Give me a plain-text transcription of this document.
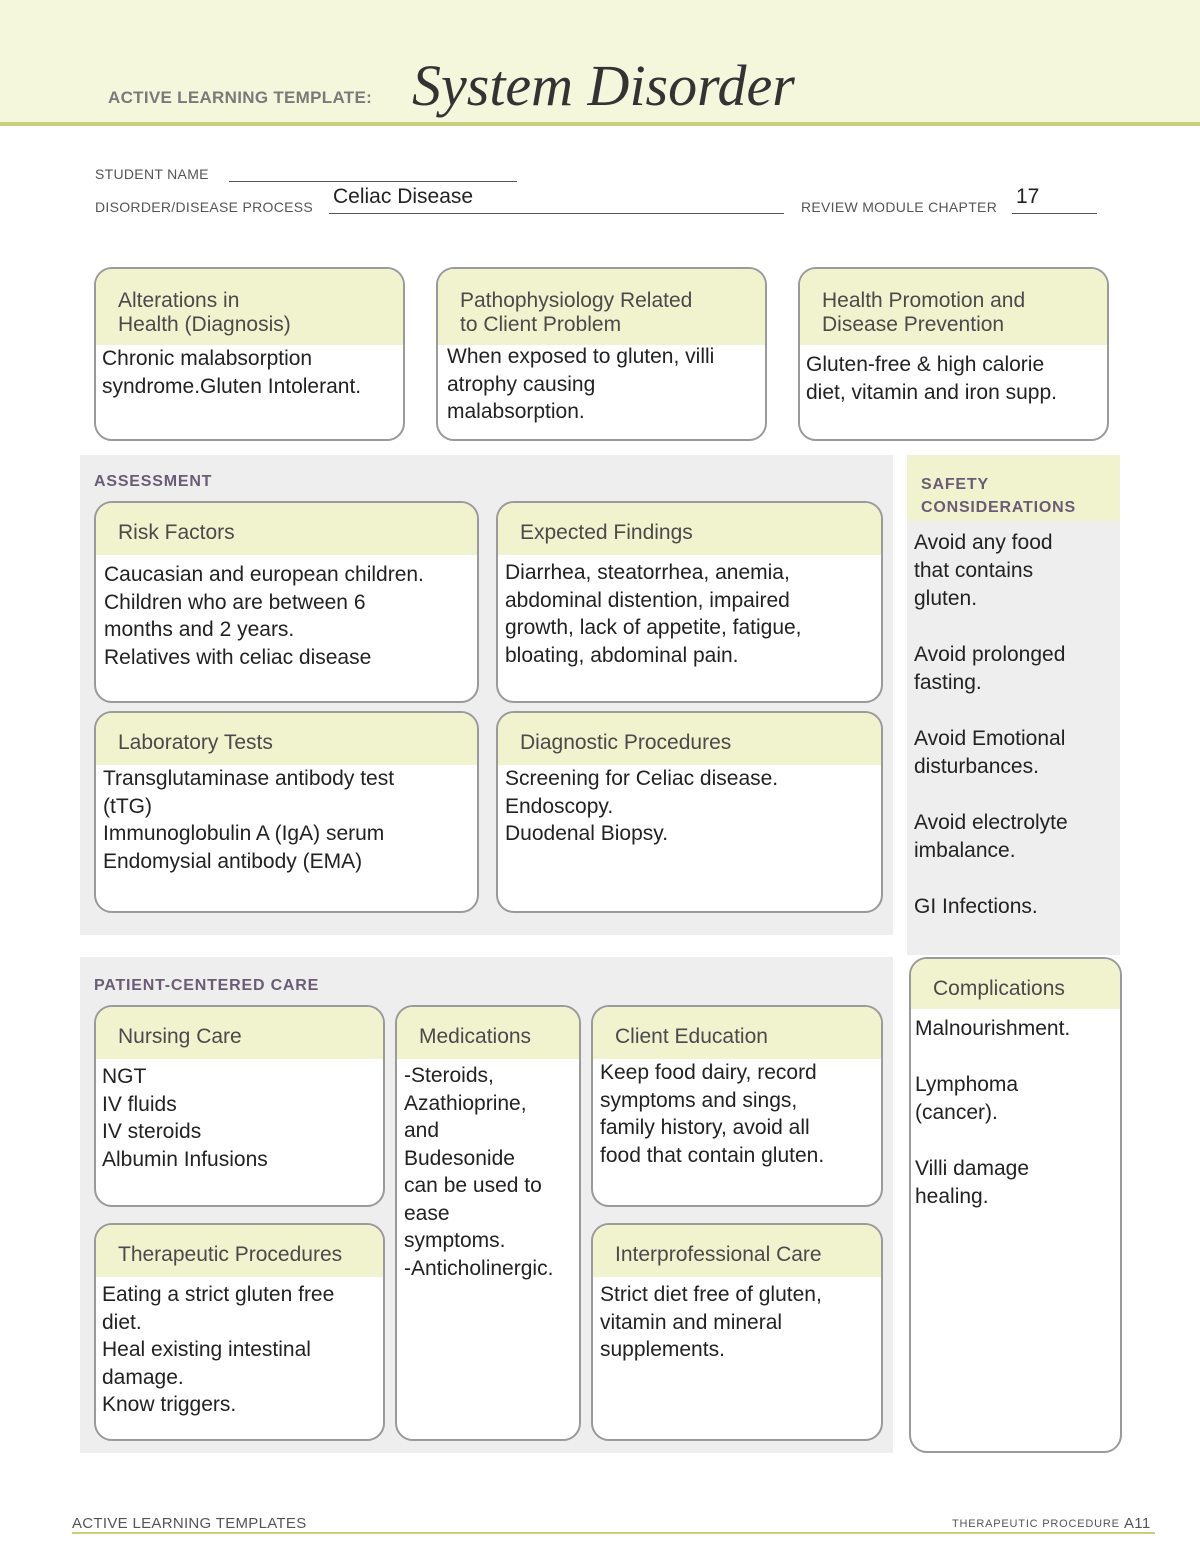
ACTIVE LEARNING TEMPLATE: System Disorder
STUDENT NAME
DISORDER/DISEASE PROCESS Celiac Disease	REVIEW MODULE CHAPTER 17
Alterations in
Health (Diagnosis)
Chronic malabsorption
syndrome.Gluten Intolerant.
Pathophysiology Related
to Client Problem
When exposed to gluten, villi
atrophy causing
malabsorption.
Health Promotion and
Disease Prevention
Gluten-free & high calorie
diet, vitamin and iron supp.
ASSESSMENT
Risk Factors
Caucasian and european children.
Children who are between 6
months and 2 years.
Relatives with celiac disease
Expected Findings
Diarrhea, steatorrhea, anemia,
abdominal distention, impaired
growth, lack of appetite, fatigue,
bloating, abdominal pain.
Laboratory Tests
Transglutaminase antibody test
(tTG)
Immunoglobulin A (IgA) serum
Endomysial antibody (EMA)
Diagnostic Procedures
Screening for Celiac disease.
Endoscopy.
Duodenal Biopsy.
SAFETY
CONSIDERATIONS
Avoid any food
that contains
gluten.

Avoid prolonged
fasting.

Avoid Emotional
disturbances.

Avoid electrolyte
imbalance.

GI Infections.
PATIENT-CENTERED CARE
Nursing Care
NGT
IV fluids
IV steroids
Albumin Infusions
Medications
-Steroids,
Azathioprine,
and
Budesonide
can be used to
ease
symptoms.
-Anticholinergic.
Client Education
Keep food dairy, record
symptoms and sings,
family history, avoid all
food that contain gluten.
Therapeutic Procedures
Eating a strict gluten free
diet.
Heal existing intestinal
damage.
Know triggers.
Interprofessional Care
Strict diet free of gluten,
vitamin and mineral
supplements.
Complications
Malnourishment.

Lymphoma
(cancer).

Villi damage
healing.
ACTIVE LEARNING TEMPLATES	THERAPEUTIC PROCEDURE A11
